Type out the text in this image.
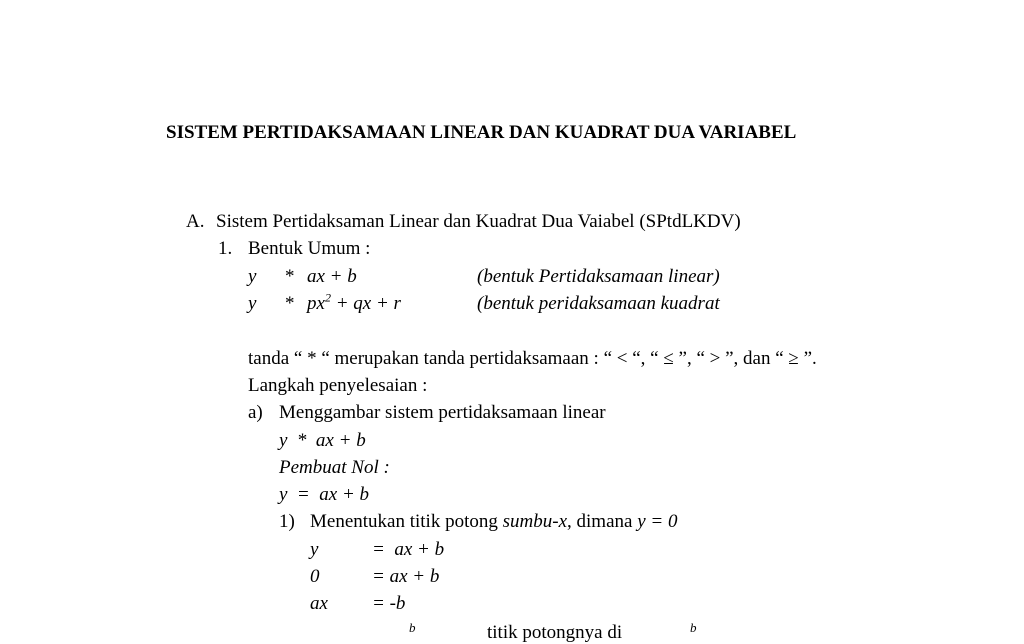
SISTEM PERTIDAKSAMAAN LINEAR DAN KUADRAT DUA VARIABEL
A. Sistem Pertidaksaman Linear dan Kuadrat Dua Vaiabel (SPtdLKDV)
1. Bentuk Umum :
y * ax + b	(bentuk Pertidaksamaan linear)
y * $px^2$ + qx + r	(bentuk peridaksamaan kuadrat
tanda “ * “ merupakan tanda pertidaksamaan : “ < “, “ ≤ ”, “ > ”, dan “ ≥ ”.
Langkah penyelesaian :
a) Menggambar sistem pertidaksamaan linear
y  *  ax + b
Pembuat Nol :
y  =  ax + b
1) Menentukan titik potong sumbu-x, dimana y = 0
y	=  ax + b
0	= ax + b
ax = -b
b	titik potongnya di	b
